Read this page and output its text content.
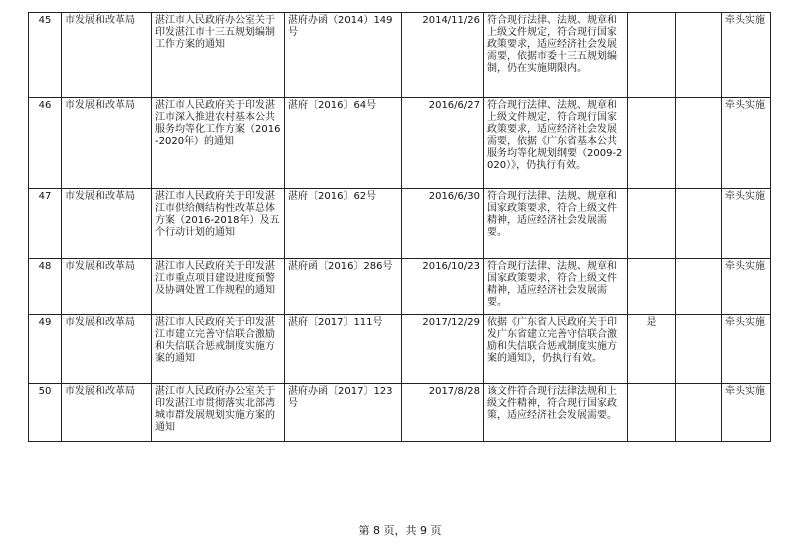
45	市发展和改革局	湛江市人民政府办公室关于印发湛江市十三五规划编制工作方案的通知	湛府办函（2014）149号	2014/11/26	符合现行法律、法规、规章和上级文件规定，符合现行国家政策要求，适应经济社会发展需要，依据市委十三五规划编制，仍在实施期限内。			牵头实施
46	市发展和改革局	湛江市人民政府关于印发湛江市深入推进农村基本公共服务均等化工作方案（2016-2020年）的通知	湛府〔2016〕64号	2016/6/27	符合现行法律、法规、规章和上级文件规定，符合现行国家政策要求，适应经济社会发展需要，依据《广东省基本公共服务均等化规划纲要（2009-2020）》，仍执行有效。			牵头实施
47	市发展和改革局	湛江市人民政府关于印发湛江市供给侧结构性改革总体方案（2016-2018年）及五个行动计划的通知	湛府〔2016〕62号	2016/6/30	符合现行法律、法规、规章和国家政策要求，符合上级文件精神，适应经济社会发展需要。			牵头实施
48	市发展和改革局	湛江市人民政府关于印发湛江市重点项目建设进度预警及协调处置工作规程的通知	湛府函〔2016〕286号	2016/10/23	符合现行法律、法规、规章和国家政策要求，符合上级文件精神，适应经济社会发展需要。			牵头实施
49	市发展和改革局	湛江市人民政府关于印发湛江市建立完善守信联合激励和失信联合惩戒制度实施方案的通知	湛府〔2017〕111号	2017/12/29	依据《广东省人民政府关于印发广东省建立完善守信联合激励和失信联合惩戒制度实施方案的通知》，仍执行有效。	是		牵头实施
50	市发展和改革局	湛江市人民政府办公室关于印发湛江市贯彻落实北部湾城市群发展规划实施方案的通知	湛府办函〔2017〕123号	2017/8/28	该文件符合现行法律法规和上级文件精神，符合现行国家政策，适应经济社会发展需要。			牵头实施
第 8 页，共 9 页
